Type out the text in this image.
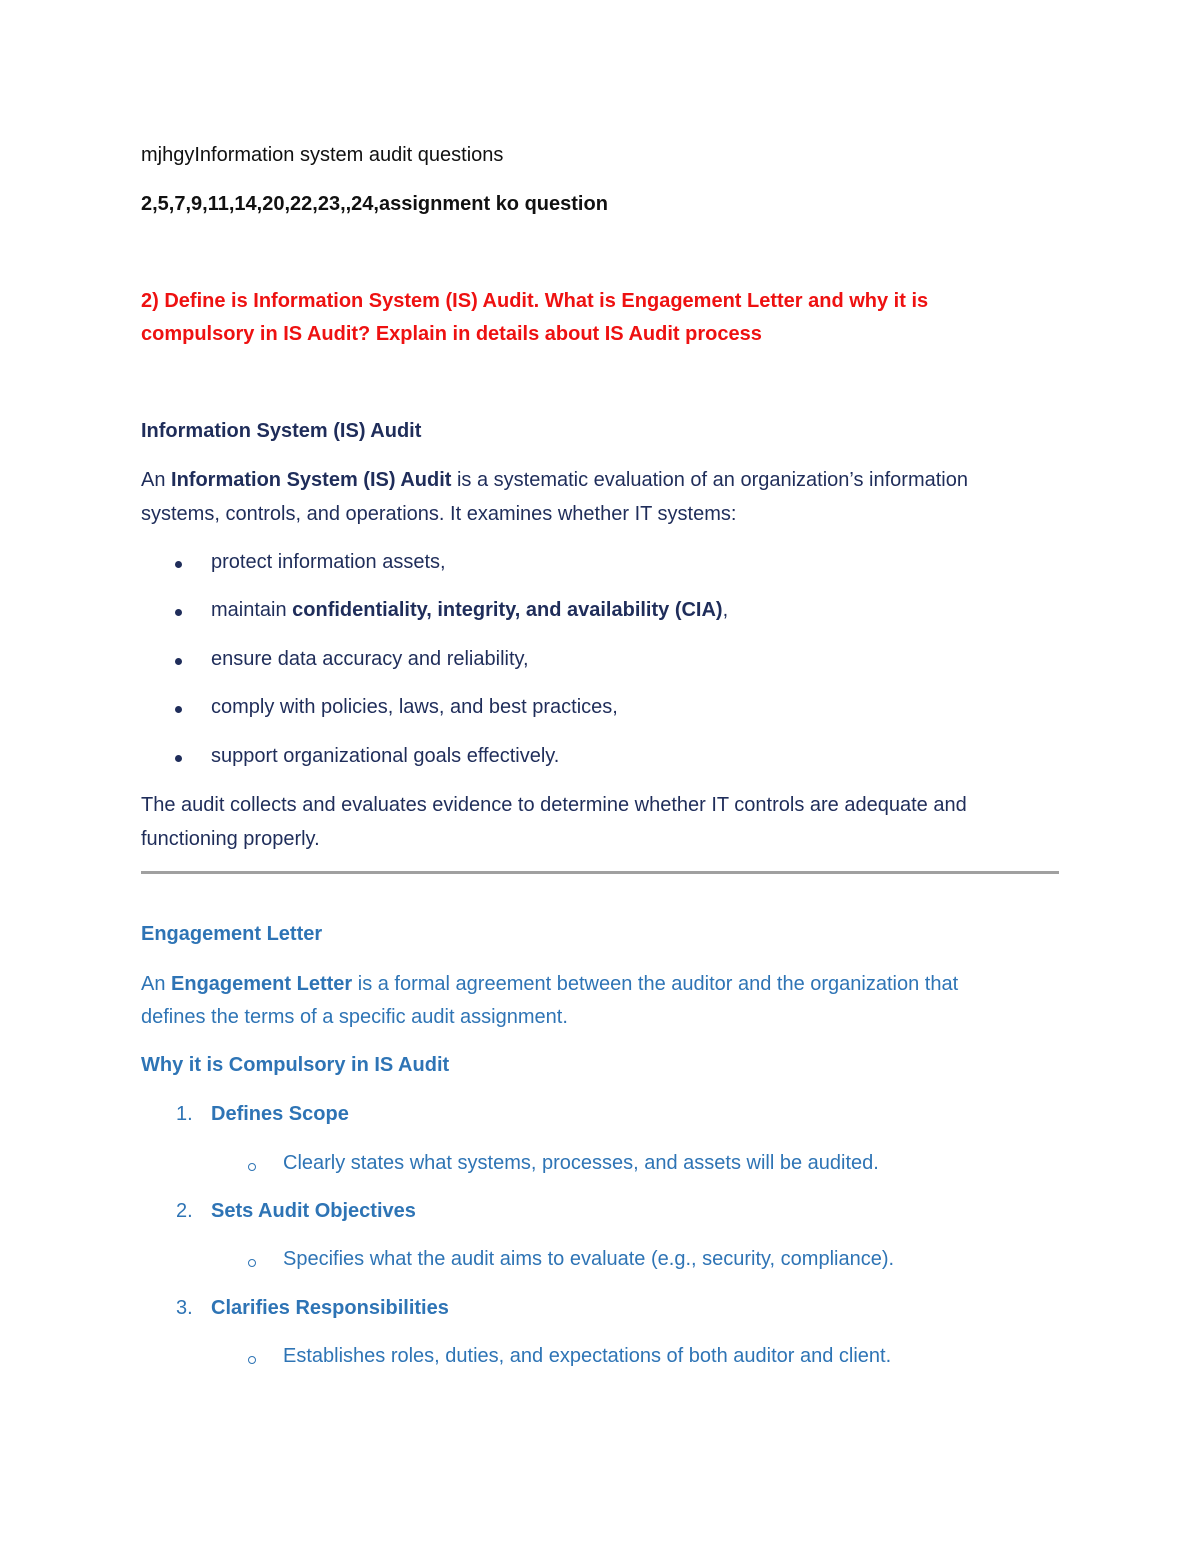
mjhgyInformation system audit questions

2,5,7,9,11,14,20,22,23,,24,assignment ko question

2) Define is Information System (IS) Audit. What is Engagement Letter and why it is

compulsory in IS Audit? Explain in details about IS Audit process

Information System (IS) Audit

An Information System (IS) Audit is a systematic evaluation of an organization’s information

systems, controls, and operations. It examines whether IT systems:

protect information assets,

maintain confidentiality, integrity, and availability (CIA),

ensure data accuracy and reliability,

comply with policies, laws, and best practices,

support organizational goals effectively.

The audit collects and evaluates evidence to determine whether IT controls are adequate and

functioning properly.

Engagement Letter

An Engagement Letter is a formal agreement between the auditor and the organization that

defines the terms of a specific audit assignment.

Why it is Compulsory in IS Audit

1. Defines Scope

Clearly states what systems, processes, and assets will be audited.

2. Sets Audit Objectives

Specifies what the audit aims to evaluate (e.g., security, compliance).

3. Clarifies Responsibilities

Establishes roles, duties, and expectations of both auditor and client.
